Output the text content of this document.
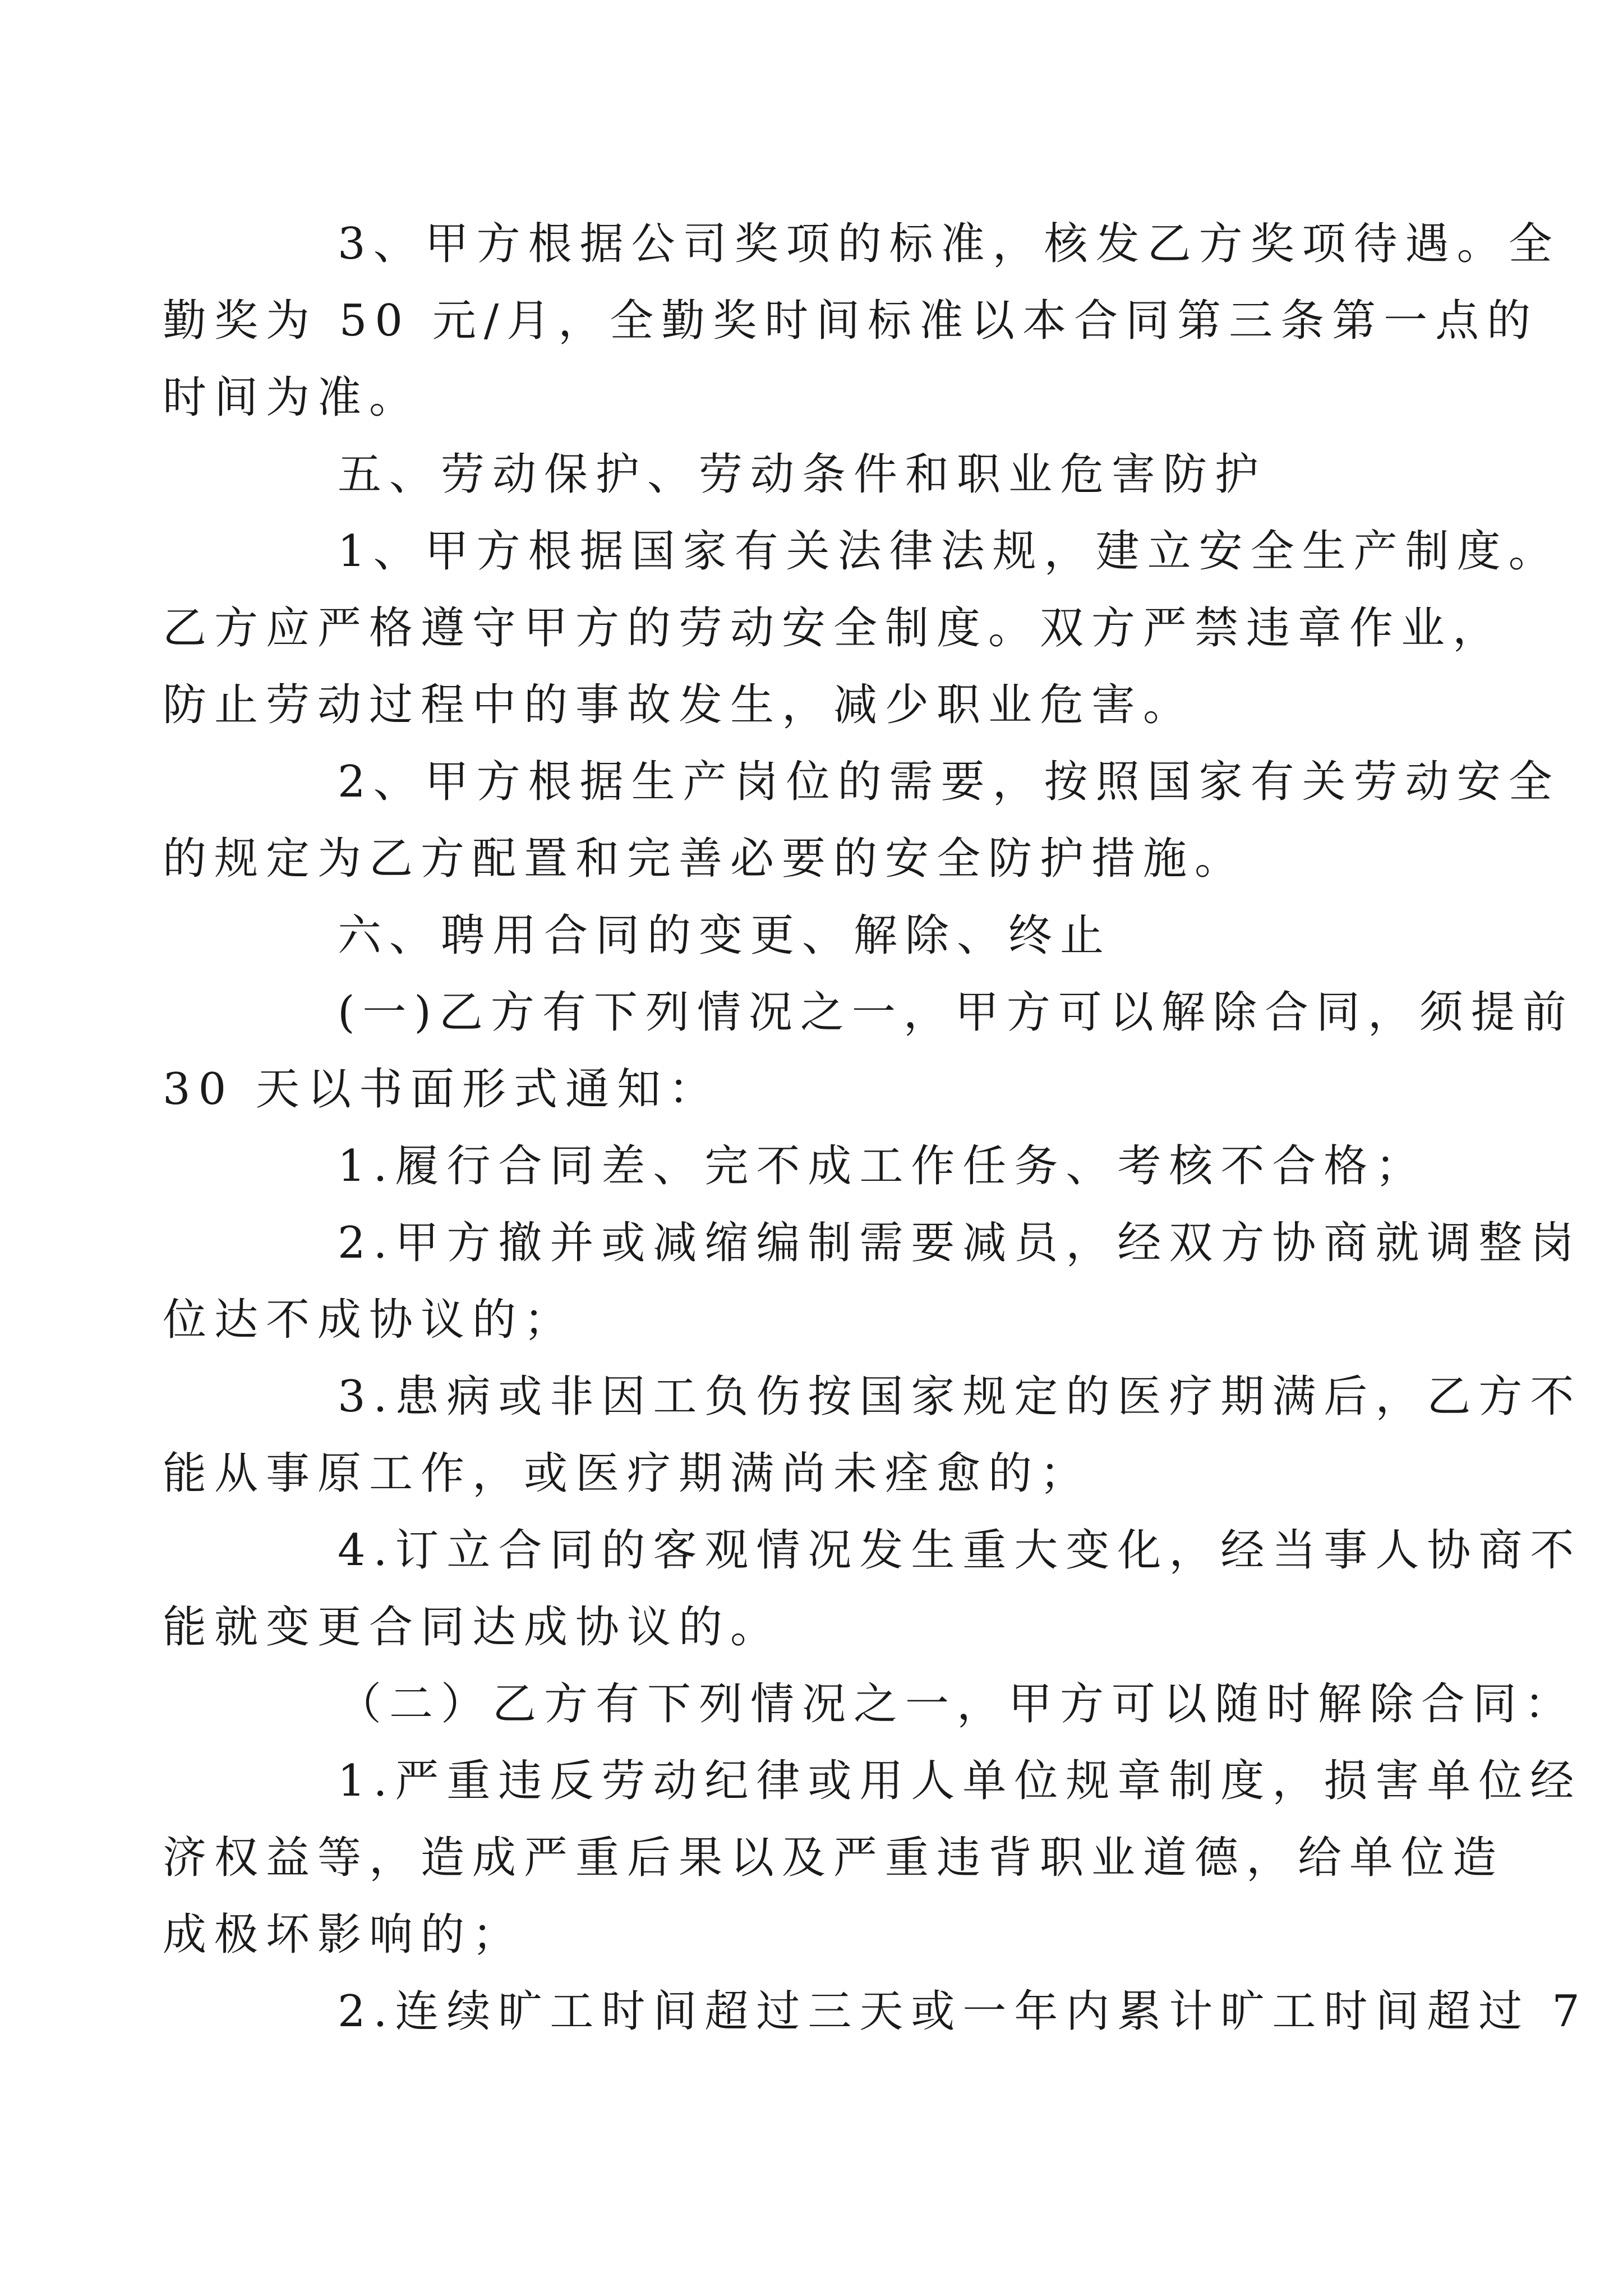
3、甲方根据公司奖项的标准，核发乙方奖项待遇。全
勤奖为 50 元/月，全勤奖时间标准以本合同第三条第一点的
时间为准。
五、劳动保护、劳动条件和职业危害防护
1、甲方根据国家有关法律法规，建立安全生产制度。
乙方应严格遵守甲方的劳动安全制度。双方严禁违章作业，
防止劳动过程中的事故发生，减少职业危害。
2、甲方根据生产岗位的需要，按照国家有关劳动安全
的规定为乙方配置和完善必要的安全防护措施。
六、聘用合同的变更、解除、终止
(一)乙方有下列情况之一，甲方可以解除合同，须提前
30 天以书面形式通知：
1.履行合同差、完不成工作任务、考核不合格；
2.甲方撤并或减缩编制需要减员，经双方协商就调整岗
位达不成协议的；
3.患病或非因工负伤按国家规定的医疗期满后，乙方不
能从事原工作，或医疗期满尚未痊愈的；
4.订立合同的客观情况发生重大变化，经当事人协商不
能就变更合同达成协议的。
（二）乙方有下列情况之一，甲方可以随时解除合同：
1.严重违反劳动纪律或用人单位规章制度，损害单位经
济权益等，造成严重后果以及严重违背职业道德，给单位造
成极坏影响的；
2.连续旷工时间超过三天或一年内累计旷工时间超过 7
